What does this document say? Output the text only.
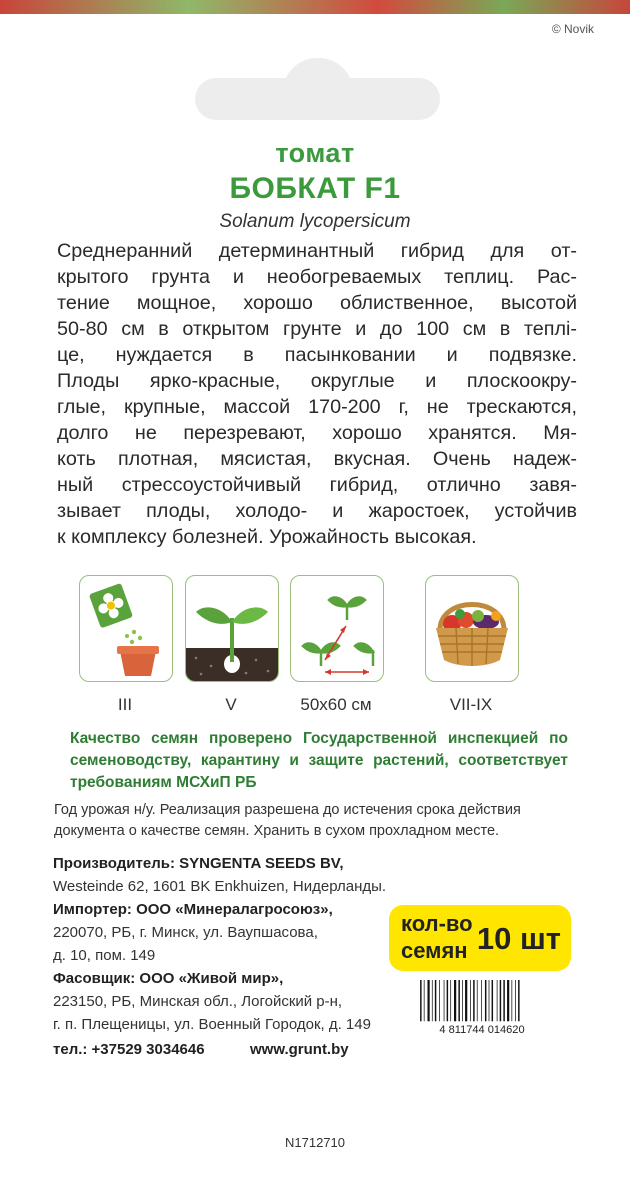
© Novik
томат
БОБКАТ F1
Solanum lycopersicum
Среднеранний детерминантный гибрид для от-
крытого грунта и необогреваемых теплиц. Рас-
тение мощное, хорошо облиственное, высотой
50-80 см в открытом грунте и до 100 см в теплі-
це, нуждается в пасынковании и подвязке.
Плоды ярко-красные, округлые и плоскоокру-
глые, крупные, массой 170-200 г, не трескаются,
долго не перезревают, хорошо хранятся. Мя-
коть плотная, мясистая, вкусная. Очень надеж-
ный стрессоустойчивый гибрид, отлично завя-
зывает плоды, холодо- и жаростоек, устойчив
к комплексу болезней. Урожайность высокая.
III	V	50x60 см	VII-IX
Качество семян проверено Государственной инспекцией по
семеноводству, карантину и защите растений, соответствует
требованиям МСХиП РБ
Год урожая н/у. Реализация разрешена до истечения срока действия
документа о качестве семян. Хранить в сухом прохладном месте.
Производитель: SYNGENTA SEEDS BV,
Westeinde 62, 1601 BK Enkhuizen, Нидерланды.
Импортер: ООО «Минералагросоюз»,
220070, РБ, г. Минск, ул. Ваупшасова,
д. 10, пом. 149
Фасовщик: ООО «Живой мир»,
223150, РБ, Минская обл., Логойский р-н,
г. п. Плещеницы, ул. Военный Городок, д. 149
тел.: +37529 3034646	www.grunt.by
кол-во
семян 10 шт
4 811744 014620
N1712710
